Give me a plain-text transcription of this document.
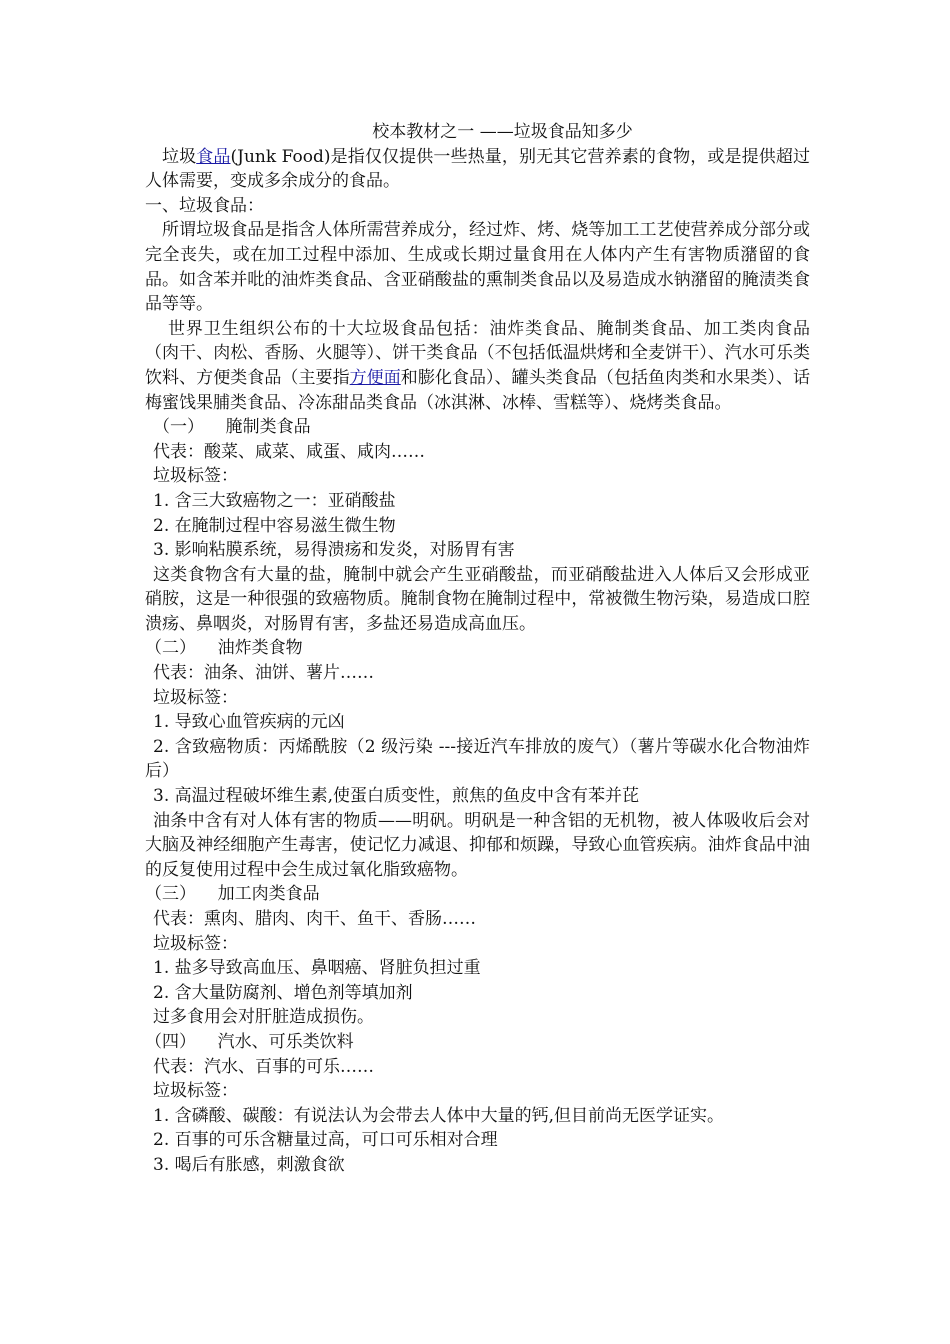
校本教材之一 ——垃圾食品知多少

垃圾食品(Junk Food)是指仅仅提供一些热量，别无其它营养素的食物，或是提供超过人体需要，变成多余成分的食品。

一、垃圾食品：

所谓垃圾食品是指含人体所需营养成分，经过炸、烤、烧等加工工艺使营养成分部分或完全丧失，或在加工过程中添加、生成或长期过量食用在人体内产生有害物质潴留的食品。如含苯并吡的油炸类食品、含亚硝酸盐的熏制类食品以及易造成水钠潴留的腌渍类食品等等。

世界卫生组织公布的十大垃圾食品包括：油炸类食品、腌制类食品、加工类肉食品（肉干、肉松、香肠、火腿等）、饼干类食品（不包括低温烘烤和全麦饼干）、汽水可乐类饮料、方便类食品（主要指方便面和膨化食品）、罐头类食品（包括鱼肉类和水果类）、话梅蜜饯果脯类食品、冷冻甜品类食品（冰淇淋、冰棒、雪糕等）、烧烤类食品。

（一）    腌制类食品

代表：酸菜、咸菜、咸蛋、咸肉……

垃圾标签：

1. 含三大致癌物之一：亚硝酸盐

2. 在腌制过程中容易滋生微生物

3. 影响粘膜系统，易得溃疡和发炎，对肠胃有害

这类食物含有大量的盐，腌制中就会产生亚硝酸盐，而亚硝酸盐进入人体后又会形成亚硝胺，这是一种很强的致癌物质。腌制食物在腌制过程中，常被微生物污染，易造成口腔溃疡、鼻咽炎，对肠胃有害，多盐还易造成高血压。

（二）    油炸类食物

代表：油条、油饼、薯片……

垃圾标签：

1. 导致心血管疾病的元凶

2. 含致癌物质：丙烯酰胺（2 级污染 ---接近汽车排放的废气）（薯片等碳水化合物油炸后）

3. 高温过程破坏维生素,使蛋白质变性，煎焦的鱼皮中含有苯并芘

油条中含有对人体有害的物质——明矾。明矾是一种含铝的无机物，被人体吸收后会对大脑及神经细胞产生毒害，使记忆力减退、抑郁和烦躁，导致心血管疾病。油炸食品中油的反复使用过程中会生成过氧化脂致癌物。

（三）    加工肉类食品

代表：熏肉、腊肉、肉干、鱼干、香肠……

垃圾标签：

1. 盐多导致高血压、鼻咽癌、肾脏负担过重

2. 含大量防腐剂、增色剂等填加剂

过多食用会对肝脏造成损伤。

（四）    汽水、可乐类饮料

代表：汽水、百事的可乐……

垃圾标签：

1. 含磷酸、碳酸：有说法认为会带去人体中大量的钙,但目前尚无医学证实。

2. 百事的可乐含糖量过高，可口可乐相对合理

3. 喝后有胀感，刺激食欲
